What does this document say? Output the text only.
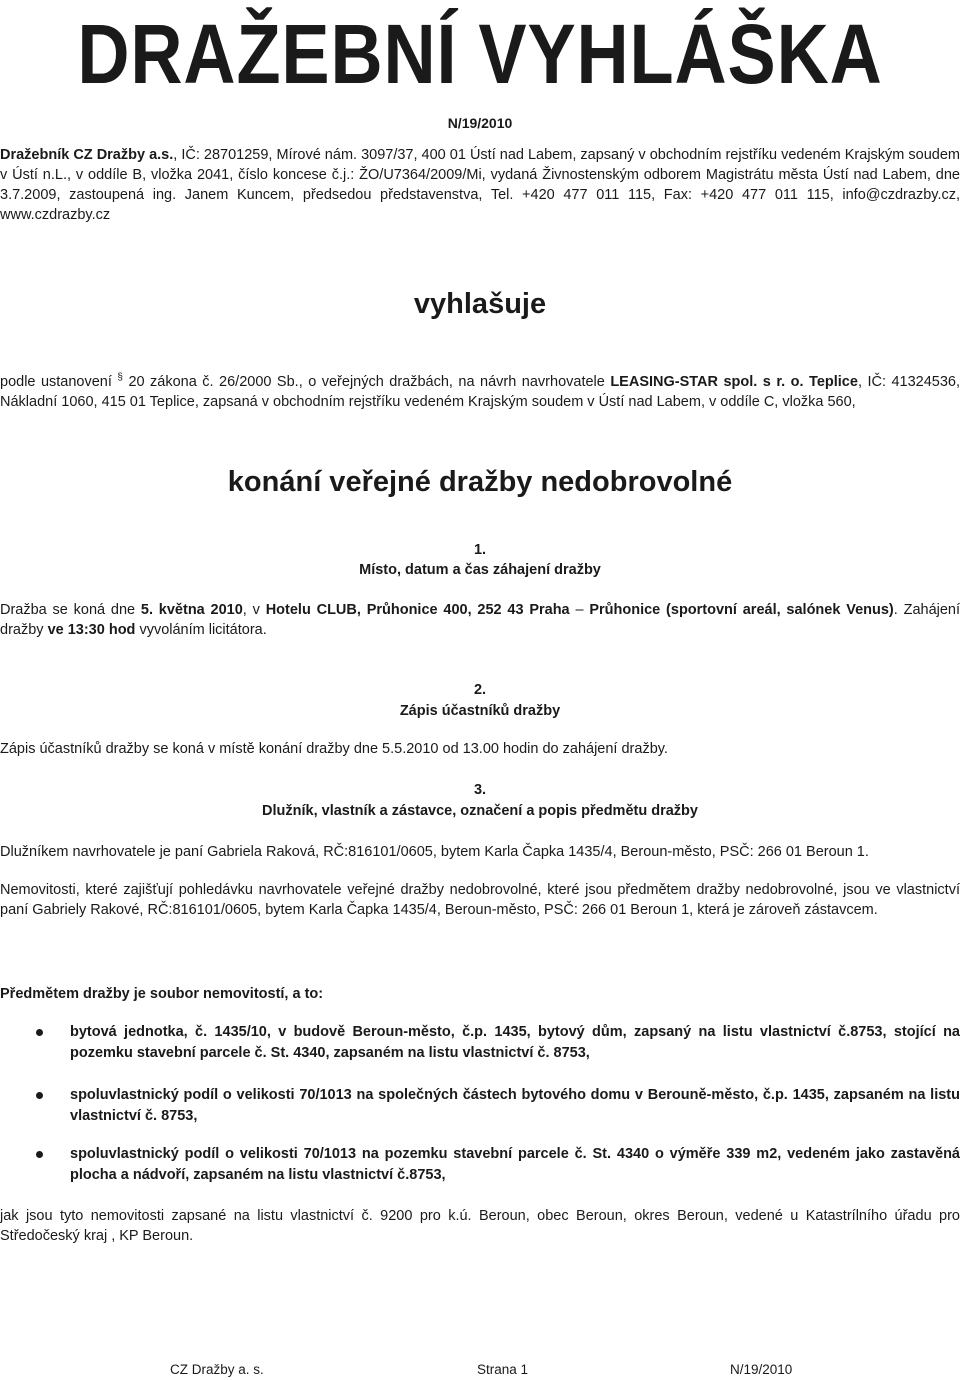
DRAŽEBNÍ VYHLÁŠKA
N/19/2010
Dražebník CZ Dražby a.s., IČ: 28701259, Mírové nám. 3097/37, 400 01 Ústí nad Labem, zapsaný v obchodním rejstříku vedeném Krajským soudem v Ústí n.L., v oddíle B, vložka 2041, číslo koncese č.j.: ŽO/U7364/2009/Mi, vydaná Živnostenským odborem Magistrátu města Ústí nad Labem, dne 3.7.2009, zastoupená ing. Janem Kuncem, předsedou představenstva, Tel. +420 477 011 115, Fax: +420 477 011 115, info@czdrazby.cz, www.czdrazby.cz
vyhlašuje
podle ustanovení § 20 zákona č. 26/2000 Sb., o veřejných dražbách, na návrh navrhovatele LEASING-STAR spol. s r. o. Teplice, IČ: 41324536, Nákladní 1060, 415 01 Teplice, zapsaná v obchodním rejstříku vedeném Krajským soudem v Ústí nad Labem, v oddíle C, vložka 560,
konání veřejné dražby nedobrovolné
1.
Místo, datum a čas záhajení dražby
Dražba se koná dne 5. května 2010, v Hotelu CLUB, Průhonice 400, 252 43 Praha – Průhonice (sportovní areál, salónek Venus). Zahájení dražby ve 13:30 hod vyvoláním licitátora.
2.
Zápis účastníků dražby
Zápis účastníků dražby se koná v místě konání dražby dne 5.5.2010 od 13.00 hodin do zahájení dražby.
3.
Dlužník, vlastník a zástavce, označení a popis předmětu dražby
Dlužníkem navrhovatele je paní Gabriela Raková, RČ:816101/0605, bytem Karla Čapka 1435/4, Beroun-město, PSČ: 266 01 Beroun 1.
Nemovitosti, které zajišťují pohledávku navrhovatele veřejné dražby nedobrovolné, které jsou předmětem dražby nedobrovolné, jsou ve vlastnictví paní Gabriely Rakové, RČ:816101/0605, bytem Karla Čapka 1435/4, Beroun-město, PSČ: 266 01 Beroun 1, která je zároveň zástavcem.
Předmětem dražby je soubor nemovitostí, a to:
bytová jednotka, č. 1435/10, v budově Beroun-město, č.p. 1435, bytový dům, zapsaný na listu vlastnictví č.8753, stojící na pozemku stavební parcele č. St. 4340, zapsaném na listu vlastnictví č. 8753,
spoluvlastnický podíl o velikosti 70/1013 na společných částech bytového domu v Berouně-město, č.p. 1435, zapsaném na listu vlastnictví č. 8753,
spoluvlastnický podíl o velikosti 70/1013 na pozemku stavební parcele č. St. 4340 o výměře 339 m2, vedeném jako zastavěná plocha a nádvoří, zapsaném na listu vlastnictví č.8753,
jak jsou tyto nemovitosti zapsané na listu vlastnictví č. 9200 pro k.ú. Beroun, obec Beroun, okres Beroun, vedené u Katastrílního úřadu pro Středočeský kraj , KP Beroun.
CZ Dražby a. s.	Strana 1	N/19/2010
